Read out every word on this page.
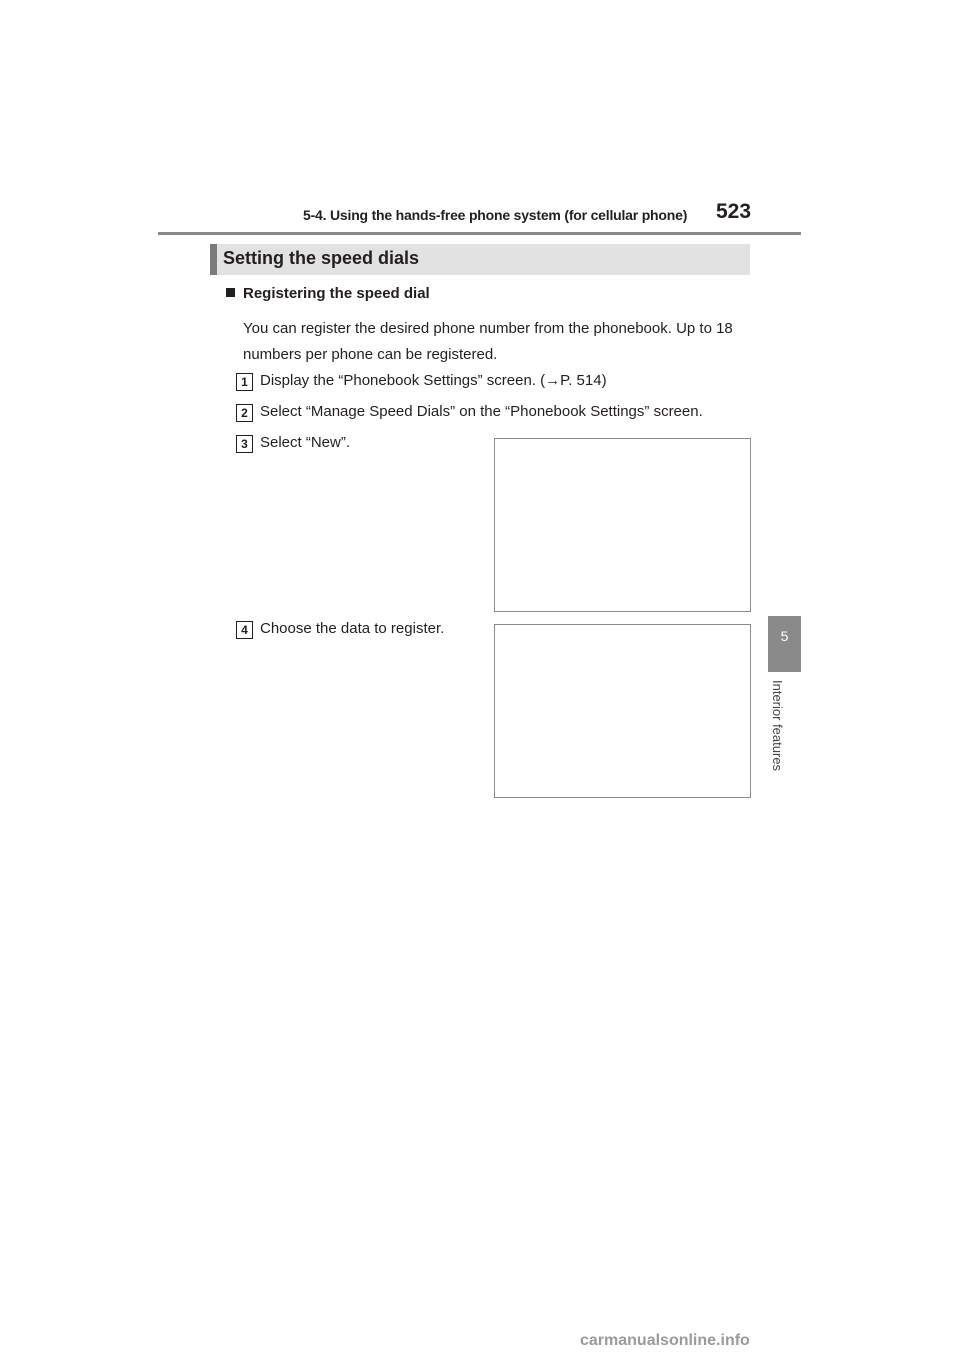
5-4. Using the hands-free phone system (for cellular phone) 523
5
Interior features
Setting the speed dials
Registering the speed dial
You can register the desired phone number from the phonebook. Up to 18 numbers per phone can be registered.
1 Display the “Phonebook Settings” screen. (→P. 514)
2 Select “Manage Speed Dials” on the “Phonebook Settings” screen.
3 Select “New”.
4 Choose the data to register.
carmanualsonline.info
